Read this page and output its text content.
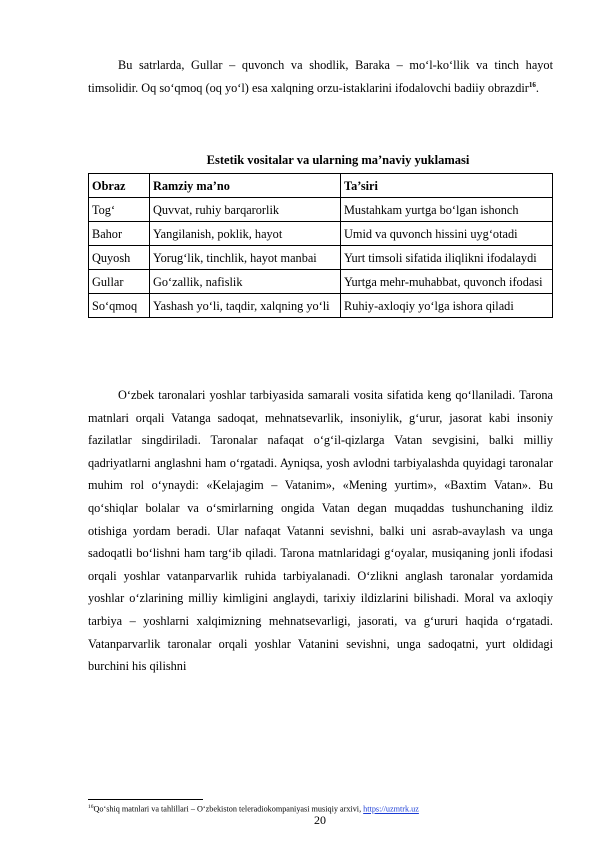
Bu satrlarda, Gullar – quvonch va shodlik, Baraka – mo‘l-ko‘llik va tinch hayot timsolidir. Oq so‘qmoq (oq yo‘l) esa xalqning orzu-istaklarini ifodalovchi badiiy obrazdir$^{16}$.

Estetik vositalar va ularning ma’naviy yuklamasi
Obraz	Ramziy ma’no	Ta’siri
Tog‘	Quvvat, ruhiy barqarorlik	Mustahkam yurtga bo‘lgan ishonch
Bahor	Yangilanish, poklik, hayot	Umid va quvonch hissini uyg‘otadi
Quyosh	Yorug‘lik, tinchlik, hayot manbai	Yurt timsoli sifatida iliqlikni ifodalaydi
Gullar	Go‘zallik, nafislik	Yurtga mehr-muhabbat, quvonch ifodasi
So‘qmoq	Yashash yo‘li, taqdir, xalqning yo‘li	Ruhiy-axloqiy yo‘lga ishora qiladi

O‘zbek taronalari yoshlar tarbiyasida samarali vosita sifatida keng qo‘llaniladi. Tarona matnlari orqali Vatanga sadoqat, mehnatsevarlik, insoniylik, g‘urur, jasorat kabi insoniy fazilatlar singdiriladi. Taronalar nafaqat o‘g‘il-qizlarga Vatan sevgisini, balki milliy qadriyatlarni anglashni ham o‘rgatadi. Ayniqsa, yosh avlodni tarbiyalashda quyidagi taronalar muhim rol o‘ynaydi: «Kelajagim – Vatanim», «Mening yurtim», «Baxtim Vatan». Bu qo‘shiqlar bolalar va o‘smirlarning ongida Vatan degan muqaddas tushunchaning ildiz otishiga yordam beradi. Ular nafaqat Vatanni sevishni, balki uni asrab-avaylash va unga sadoqatli bo‘lishni ham targ‘ib qiladi. Tarona matnlaridagi g‘oyalar, musiqaning jonli ifodasi orqali yoshlar vatanparvarlik ruhida tarbiyalanadi. O‘zlikni anglash taronalar yordamida yoshlar o‘zlarining milliy kimligini anglaydi, tarixiy ildizlarini bilishadi. Moral va axloqiy tarbiya – yoshlarni xalqimizning mehnatsevarligi, jasorati, va g‘ururi haqida o‘rgatadi. Vatanparvarlik taronalar orqali yoshlar Vatanini sevishni, unga sadoqatni, yurt oldidagi burchini his qilishni

$^{16}$Qo‘shiq matnlari va tahlillari – O‘zbekiston teleradiokompaniyasi musiqiy arxivi, https://uzmtrk.uz
20
